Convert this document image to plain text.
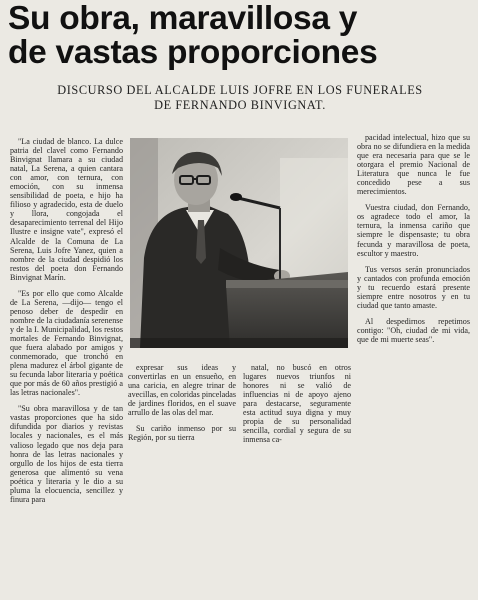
Su obra, maravillosa y
de vastas proporciones
DISCURSO DEL ALCALDE LUIS JOFRE EN LOS FUNERALES
DE FERNANDO BINVIGNAT.

"La ciudad de blanco. La dulce patria del clavel como Fernando Binvignat llamara a su ciudad natal, La Serena, a quien cantara con amor, con ternura, con emoción, con su inmensa sensibilidad de poeta, e hijo ha filioso y agradecido, esta de duelo y llora, congojada el desaparecimiento terrenal del Hijo Ilustre e insigne vate", expresó el Alcalde de la Comuna de La Serena, Luis Jofre Yanez, quien a nombre de la ciudad despidió los restos del poeta don Fernando Binvignat Marín.

"Es por ello que como Alcalde de La Serena, —dijo— tengo el penoso deber de despedir en nombre de la ciudadanía serenense y de la I. Municipalidad, los restos mortales de Fernando Binvignat, que fuera alabado por amigos y conmemorado, que tronchó en plena madurez el árbol gigante de su fecunda labor literaria y poética que por más de 60 años prestigió a las letras nacionales".

"Su obra maravillosa y de tan vastas proporciones que ha sido difundida por diarios y revistas locales y nacionales, es el más valioso legado que nos deja para honra de las letras nacionales y orgullo de los hijos de esta tierra generosa que alimentó su vena poética y literaria y le dio a su pluma la elocuencia, sencillez y finura para

pacidad intelectual, hizo que su obra no se difundiera en la medida que era necesaria para que se le otorgara el premio Nacional de Literatura que nunca le fue concedido pese a sus merecimientos.

Vuestra ciudad, don Fernando, os agradece todo el amor, la ternura, la inmensa cariño que siempre le dispensaste; tu obra fecunda y maravillosa de poeta, escultor y maestro.

Tus versos serán pronunciados y cantados con profunda emoción y tu recuerdo estará presente siempre entre nosotros y en tu ciudad que tanto amaste.

Al despedirnos repetimos contigo: "Oh, ciudad de mi vida, que de mi muerte seas".

expresar sus ideas y convertirlas en un ensueño, en una caricia, en alegre trinar de avecillas, en coloridas pinceladas de jardines floridos, en el suave arrullo de las olas del mar.

Su cariño inmenso por su Región, por su tierra

natal, no buscó en otros lugares nuevos triunfos ni honores ni se valió de influencias ni de apoyo ajeno para destacarse, seguramente esta actitud suya digna y muy propia de su personalidad sencilla, cordial y segura de su inmensa ca-
